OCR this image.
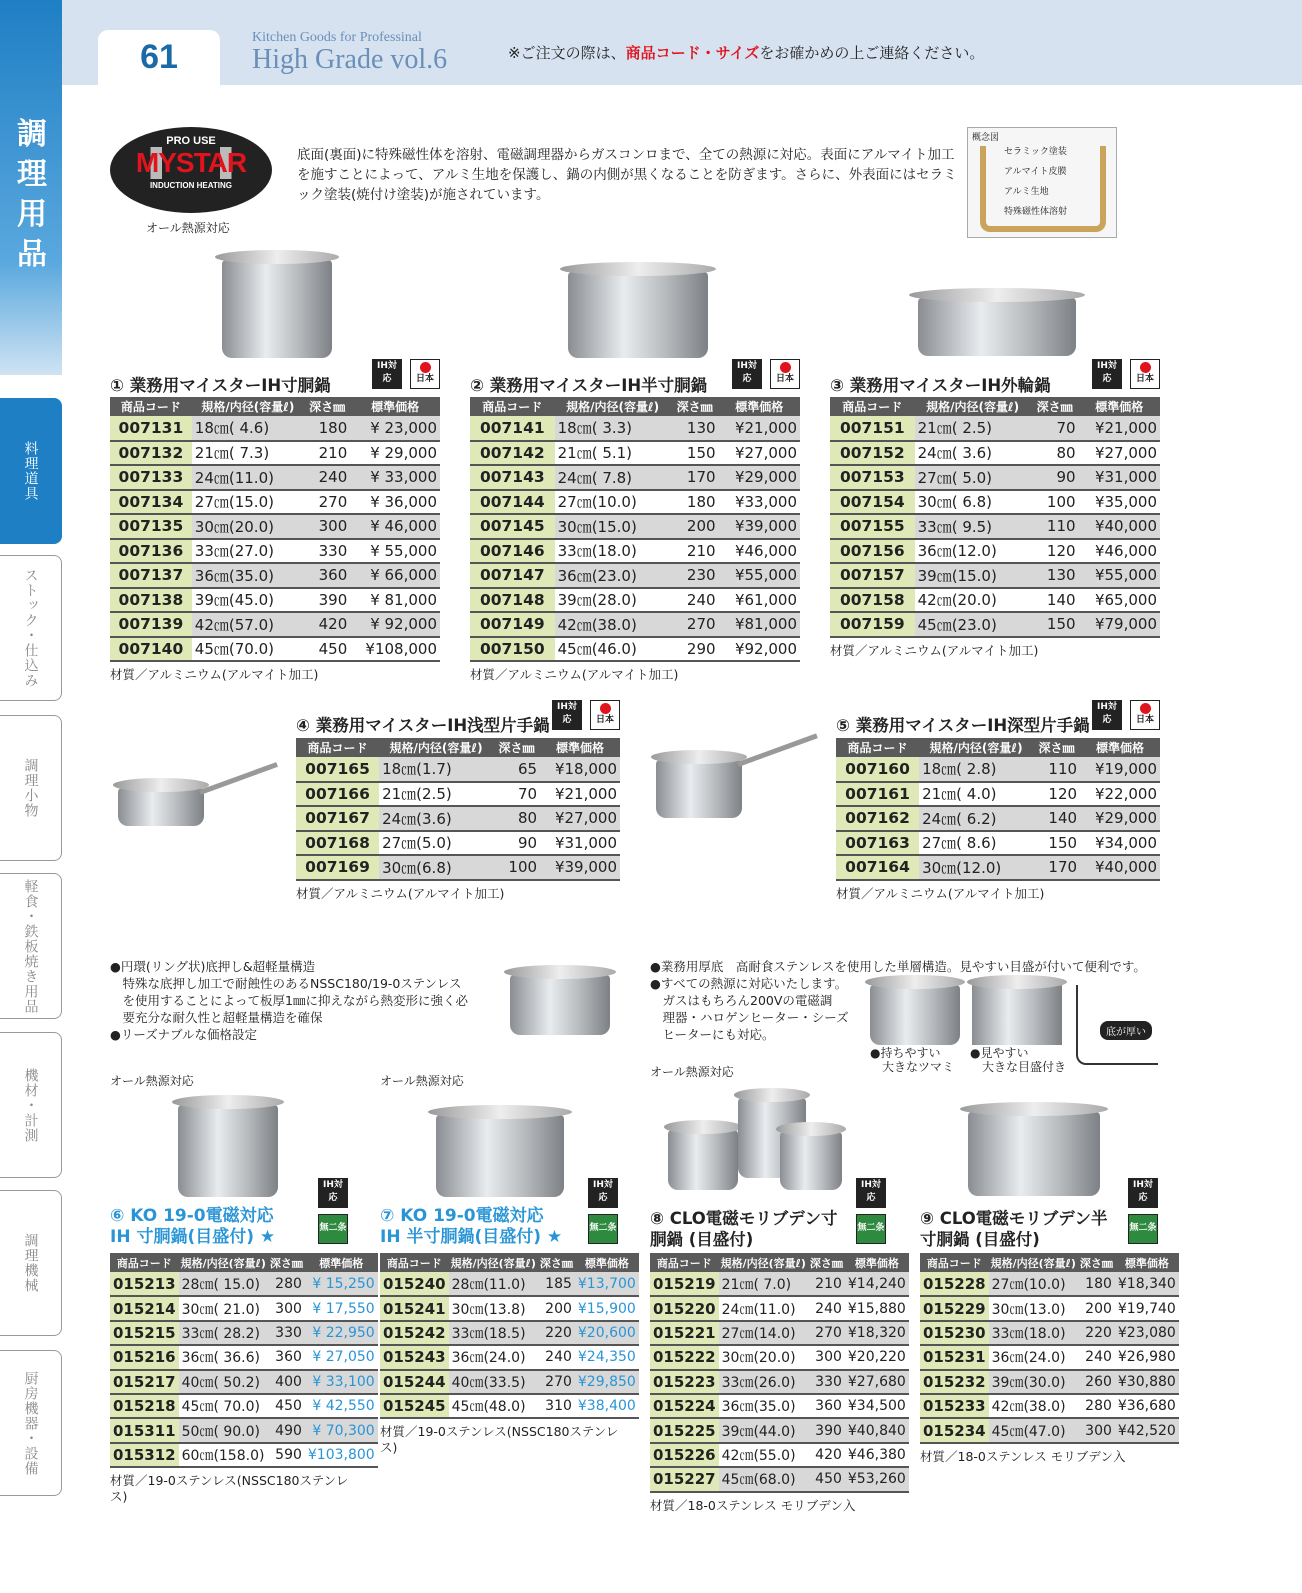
61
Kitchen Goods for Professinal
High Grade vol.6	※ご注文の際は、商品コード・サイズをお確かめの上ご連絡ください。
調理用品
料理道具
ストック・仕込み
調理小物
軽食・鉄板焼き用品
機材・計測
調理機械
厨房機器・設備
PRO USE
MYSTAR
INDUCTION HEATING
オール熱源対応
底面(裏面)に特殊磁性体を溶射、電磁調理器からガスコンロまで、全ての熱源に対応。表面にアルマイト加工を施すことによって、アルミ生地を保護し、鍋の内側が黒くなることを防ぎます。さらに、外表面にはセラミック塗装(焼付け塗装)が施されています。
概念図
セラミック塗装
アルマイト皮膜
アルミ生地
特殊磁性体溶射
底が厚い
●円環(リング状)底押し&超軽量構造
　特殊な底押し加工で耐蝕性のあるNSSC180/19-0ステンレス
　を使用することによって板厚1㎜に抑えながら熱変形に強く必
　要充分な耐久性と超軽量構造を確保
●リーズナブルな価格設定
●業務用厚底　高耐食ステンレスを使用した単層構造。見やすい目盛が付いて便利です。
●すべての熱源に対応いたします。
　ガスはもちろん200Vの電磁調
　理器・ハロゲンヒーター・シーズ
　ヒーターにも対応。
●持ちやすい
　大きなツマミ
●見やすい
　大きな目盛付き
オール熱源対応	オール熱源対応
オール熱源対応
① 業務用マイスターIH寸胴鍋
IH対応	日本
商品コード	規格/内径(容量ℓ)	深さ㎜	標準価格
007131	18㎝( 4.6)	180	¥ 23,000
007132	21㎝( 7.3)	210	¥ 29,000
007133	24㎝(11.0)	240	¥ 33,000
007134	27㎝(15.0)	270	¥ 36,000
007135	30㎝(20.0)	300	¥ 46,000
007136	33㎝(27.0)	330	¥ 55,000
007137	36㎝(35.0)	360	¥ 66,000
007138	39㎝(45.0)	390	¥ 81,000
007139	42㎝(57.0)	420	¥ 92,000
007140	45㎝(70.0)	450	¥108,000
材質／アルミニウム(アルマイト加工)
② 業務用マイスターIH半寸胴鍋
IH対応	日本
商品コード	規格/内径(容量ℓ)	深さ㎜	標準価格
007141	18㎝( 3.3)	130	¥21,000
007142	21㎝( 5.1)	150	¥27,000
007143	24㎝( 7.8)	170	¥29,000
007144	27㎝(10.0)	180	¥33,000
007145	30㎝(15.0)	200	¥39,000
007146	33㎝(18.0)	210	¥46,000
007147	36㎝(23.0)	230	¥55,000
007148	39㎝(28.0)	240	¥61,000
007149	42㎝(38.0)	270	¥81,000
007150	45㎝(46.0)	290	¥92,000
材質／アルミニウム(アルマイト加工)
③ 業務用マイスターIH外輪鍋
IH対応	日本
商品コード	規格/内径(容量ℓ)	深さ㎜	標準価格
007151	21㎝( 2.5)	70	¥21,000
007152	24㎝( 3.6)	80	¥27,000
007153	27㎝( 5.0)	90	¥31,000
007154	30㎝( 6.8)	100	¥35,000
007155	33㎝( 9.5)	110	¥40,000
007156	36㎝(12.0)	120	¥46,000
007157	39㎝(15.0)	130	¥55,000
007158	42㎝(20.0)	140	¥65,000
007159	45㎝(23.0)	150	¥79,000
材質／アルミニウム(アルマイト加工)
④ 業務用マイスターIH浅型片手鍋
IH対応	日本
商品コード	規格/内径(容量ℓ)	深さ㎜	標準価格
007165	18㎝(1.7)	65	¥18,000
007166	21㎝(2.5)	70	¥21,000
007167	24㎝(3.6)	80	¥27,000
007168	27㎝(5.0)	90	¥31,000
007169	30㎝(6.8)	100	¥39,000
材質／アルミニウム(アルマイト加工)
⑤ 業務用マイスターIH深型片手鍋
IH対応	日本
商品コード	規格/内径(容量ℓ)	深さ㎜	標準価格
007160	18㎝( 2.8)	110	¥19,000
007161	21㎝( 4.0)	120	¥22,000
007162	24㎝( 6.2)	140	¥29,000
007163	27㎝( 8.6)	150	¥34,000
007164	30㎝(12.0)	170	¥40,000
材質／アルミニウム(アルマイト加工)
⑥ KO 19-0電磁対応 IH 寸胴鍋(目盛付) ★
IH対応
無二条
商品コード	規格/内径(容量ℓ)	深さ㎜	標準価格
015213	28㎝( 15.0)	280	¥ 15,250
015214	30㎝( 21.0)	300	¥ 17,550
015215	33㎝( 28.2)	330	¥ 22,950
015216	36㎝( 36.6)	360	¥ 27,050
015217	40㎝( 50.2)	400	¥ 33,100
015218	45㎝( 70.0)	450	¥ 42,550
015311	50㎝( 90.0)	490	¥ 70,300
015312	60㎝(158.0)	590	¥103,800
材質／19-0ステンレス(NSSC180ステンレス)
⑦ KO 19-0電磁対応 IH 半寸胴鍋(目盛付) ★
IH対応
無二条
商品コード	規格/内径(容量ℓ)	深さ㎜	標準価格
015240	28㎝(11.0)	185	¥13,700
015241	30㎝(13.8)	200	¥15,900
015242	33㎝(18.5)	220	¥20,600
015243	36㎝(24.0)	240	¥24,350
015244	40㎝(33.5)	270	¥29,850
015245	45㎝(48.0)	310	¥38,400
材質／19-0ステンレス(NSSC180ステンレス)
⑧ CLO電磁モリブデン寸胴鍋 (目盛付)
IH対応
無二条
商品コード	規格/内径(容量ℓ)	深さ㎜	標準価格
015219	21㎝( 7.0)	210	¥14,240
015220	24㎝(11.0)	240	¥15,880
015221	27㎝(14.0)	270	¥18,320
015222	30㎝(20.0)	300	¥20,220
015223	33㎝(26.0)	330	¥27,680
015224	36㎝(35.0)	360	¥34,500
015225	39㎝(44.0)	390	¥40,840
015226	42㎝(55.0)	420	¥46,380
015227	45㎝(68.0)	450	¥53,260
材質／18-0ステンレス モリブデン入
⑨ CLO電磁モリブデン半寸胴鍋 (目盛付)
IH対応
無二条
商品コード	規格/内径(容量ℓ)	深さ㎜	標準価格
015228	27㎝(10.0)	180	¥18,340
015229	30㎝(13.0)	200	¥19,740
015230	33㎝(18.0)	220	¥23,080
015231	36㎝(24.0)	240	¥26,980
015232	39㎝(30.0)	260	¥30,880
015233	42㎝(38.0)	280	¥36,680
015234	45㎝(47.0)	300	¥42,520
材質／18-0ステンレス モリブデン入
